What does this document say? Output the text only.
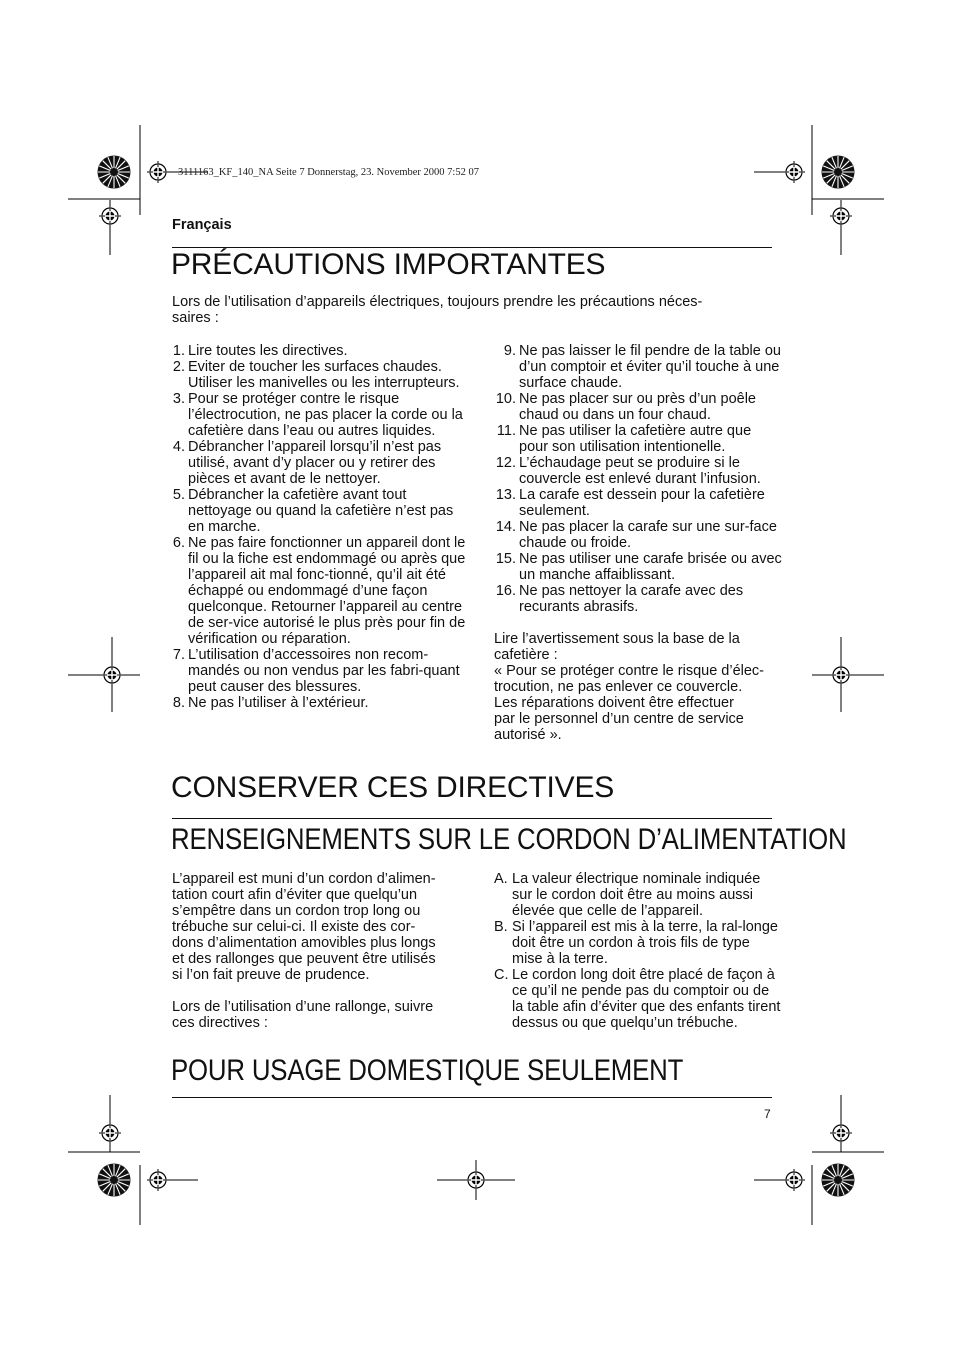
3111163_KF_140_NA Seite 7 Donnerstag, 23. November 2000 7:52 07
Français
PRÉCAUTIONS IMPORTANTES

Lors de l’utilisation d’appareils électriques, toujours prendre les précautions néces-
saires :

1. Lire toutes les directives.
2. Eviter de toucher les surfaces chaudes. Utiliser les manivelles ou les interrupteurs.
3. Pour se protéger contre le risque l’électrocution, ne pas placer la corde ou la cafetière dans l’eau ou autres liquides.
4. Débrancher l’appareil lorsqu’il n’est pas utilisé, avant d’y placer ou y retirer des pièces et avant de le nettoyer.
5. Débrancher la cafetière avant tout nettoyage ou quand la cafetière n’est pas en marche.
6. Ne pas faire fonctionner un appareil dont le fil ou la fiche est endommagé ou après que l’appareil ait mal fonc-tionné, qu’il ait été échappé ou endommagé d’une façon quelconque. Retourner l’appareil au centre de ser-vice autorisé le plus près pour fin de vérification ou réparation.
7. L’utilisation d’accessoires non recom-mandés ou non vendus par les fabri-quant peut causer des blessures.
8. Ne pas l’utiliser à l’extérieur.
9. Ne pas laisser le fil pendre de la table ou d’un comptoir et éviter qu’il touche à une surface chaude.
10. Ne pas placer sur ou près d’un poêle chaud ou dans un four chaud.
11. Ne pas utiliser la cafetière autre que pour son utilisation intentionelle.
12. L’échaudage peut se produire si le couvercle est enlevé durant l’infusion.
13. La carafe est dessein pour la cafetière seulement.
14. Ne pas placer la carafe sur une sur-face chaude ou froide.
15. Ne pas utiliser une carafe brisée ou avec un manche affaiblissant.
16. Ne pas nettoyer la carafe avec des recurants abrasifs.

Lire l’avertissement sous la base de la cafetière :
« Pour se protéger contre le risque d’élec-
trocution, ne pas enlever ce couvercle.
Les réparations doivent être effectuer
par le personnel d’un centre de service
autorisé ».

CONSERVER CES DIRECTIVES
RENSEIGNEMENTS SUR LE CORDON D’ALIMENTATION

L’appareil est muni d’un cordon d’alimen-
tation court afin d’éviter que quelqu’un
s’empêtre dans un cordon trop long ou
trébuche sur celui-ci. Il existe des cor-
dons d’alimentation amovibles plus longs
et des rallonges que peuvent être utilisés
si l’on fait preuve de prudence.

Lors de l’utilisation d’une rallonge, suivre
ces directives :

A. La valeur électrique nominale indiquée sur le cordon doit être au moins aussi élevée que celle de l’appareil.
B. Si l’appareil est mis à la terre, la ral-longe doit être un cordon à trois fils de type mise à la terre.
C. Le cordon long doit être placé de façon à ce qu’il ne pende pas du comptoir ou de la table afin d’éviter que des enfants tirent dessus ou que quelqu’un trébuche.
POUR USAGE DOMESTIQUE SEULEMENT
7
